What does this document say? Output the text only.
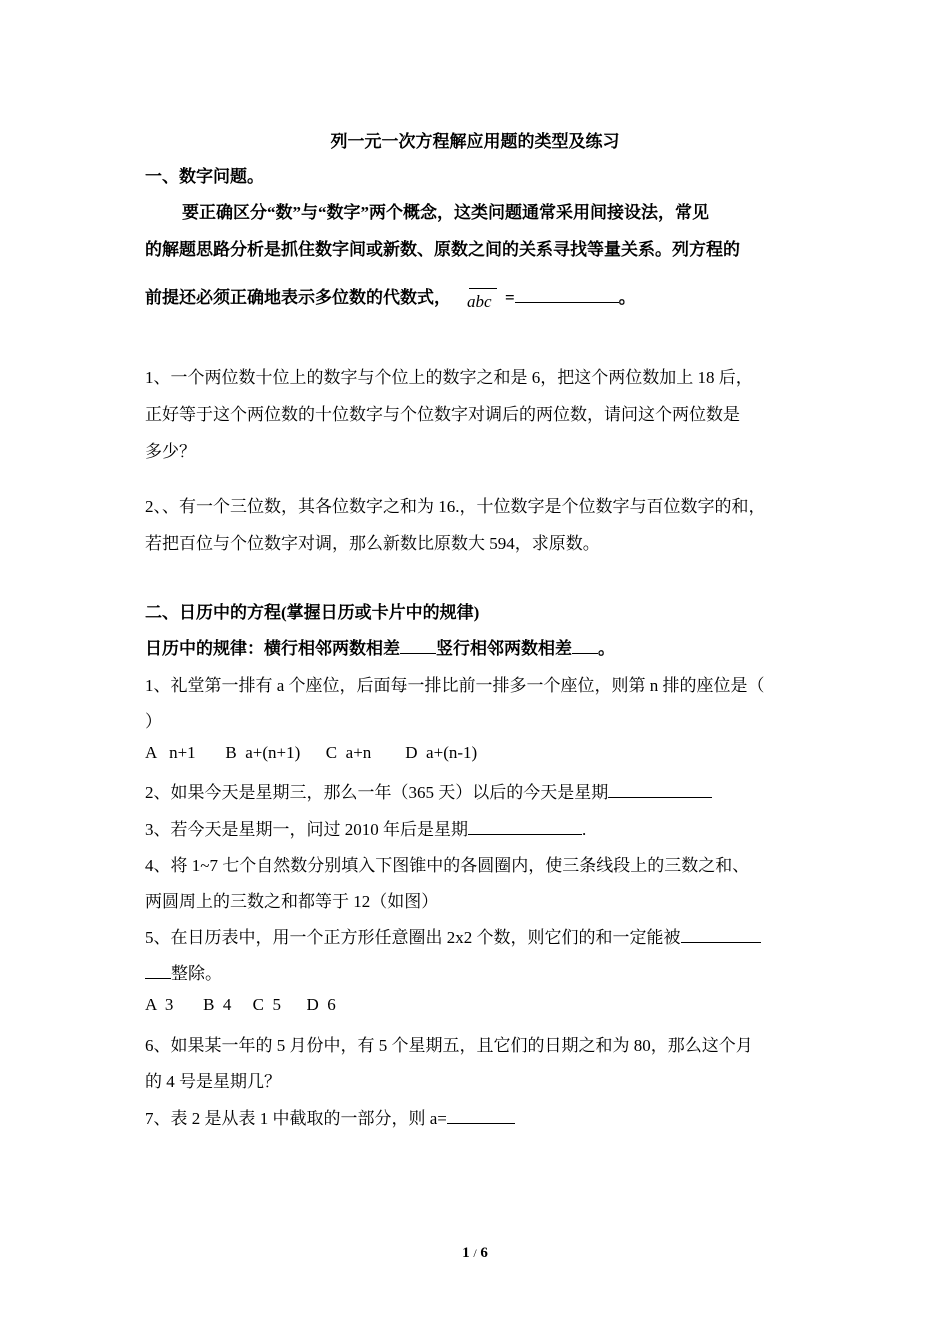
列一元一次方程解应用题的类型及练习
一、数字问题。
要正确区分“数”与“数字”两个概念，这类问题通常采用间接设法，常见
的解题思路分析是抓住数字间或新数、原数之间的关系寻找等量关系。列方程的
前提还必须正确地表示多位数的代数式， abc =	。
1、一个两位数十位上的数字与个位上的数字之和是 6，把这个两位数加上 18 后，
正好等于这个两位数的十位数字与个位数字对调后的两位数，请问这个两位数是
多少？
2、、有一个三位数，其各位数字之和为 16.，十位数字是个位数字与百位数字的和，
若把百位与个位数字对调，那么新数比原数大 594，求原数。
二、日历中的方程(掌握日历或卡片中的规律)
日历中的规律：横行相邻两数相差 竖行相邻两数相差 。
1、礼堂第一排有 a 个座位，后面每一排比前一排多一个座位，则第 n 排的座位是（
）
A   n+1       B  a+(n+1)      C  a+n        D  a+(n-1)
2、如果今天是星期三，那么一年（365 天）以后的今天是星期
3、若今天是星期一，问过 2010 年后是星期	.
4、将 1~7 七个自然数分别填入下图锥中的各圆圈内，使三条线段上的三数之和、
两圆周上的三数之和都等于 12（如图）
5、在日历表中，用一个正方形任意圈出 2x2 个数，则它们的和一定能被
整除。
A  3       B  4     C  5      D  6
6、如果某一年的 5 月份中，有 5 个星期五，且它们的日期之和为 80，那么这个月
的 4 号是星期几？
7、表 2 是从表 1 中截取的一部分，则 a=
1 / 6
